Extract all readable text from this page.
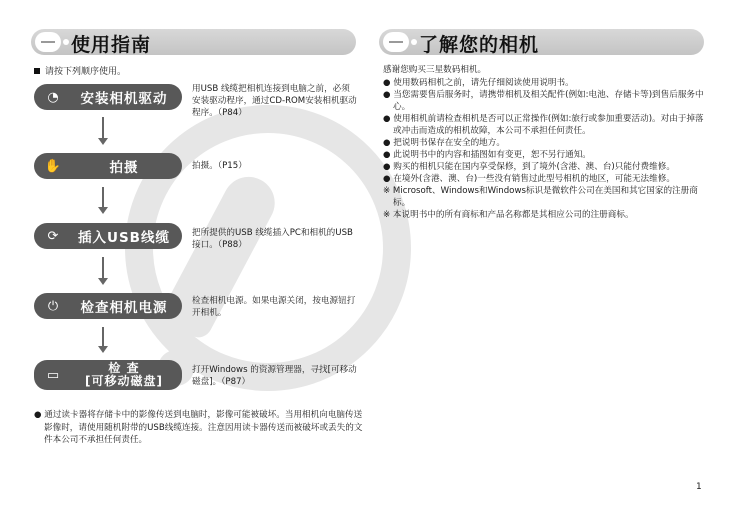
使用指南	了解您的相机
请按下列顺序使用。
◔	安装相机驱动
用USB 线缆把相机连接到电脑之前，必须安装驱动程序，通过CD-ROM安装相机驱动程序。（P84）
✋	拍摄	拍摄。（P15）
⟳	插入USB线缆	把所提供的USB 线缆插入PC和相机的USB 接口。（P88）
⏻	检查相机电源	检查相机电源。如果电源关闭，按电源钮打开相机。
▭	检 查
[可移动磁盘]
打开Windows 的资源管理器，寻找[可移动磁盘]。（P87）
● 通过读卡器将存储卡中的影像传送到电脑时，影像可能被破坏。当用相机向电脑传送影像时，请使用随机附带的USB线缆连接。注意因用读卡器传送而被破坏或丢失的文件本公司不承担任何责任。
感谢您购买三星数码相机。
● 使用数码相机之前，请先仔细阅读使用说明书。
● 当您需要售后服务时，请携带相机及相关配件(例如:电池、存储卡等)到售后服务中心。
● 使用相机前请检查相机是否可以正常操作(例如:旅行或参加重要活动)。对由于掉落或冲击而造成的相机故障，本公司不承担任何责任。
● 把说明书保存在安全的地方。
● 此说明书中的内容和插图如有变更，恕不另行通知。
● 购买的相机只能在国内享受保修，到了境外(含港、澳、台)只能付费维修。
● 在境外(含港、澳、台)一些没有销售过此型号相机的地区，可能无法维修。
※ Microsoft、Windows和Windows标识是微软件公司在美国和其它国家的注册商标。
※ 本说明书中的所有商标和产品名称都是其相应公司的注册商标。
1
